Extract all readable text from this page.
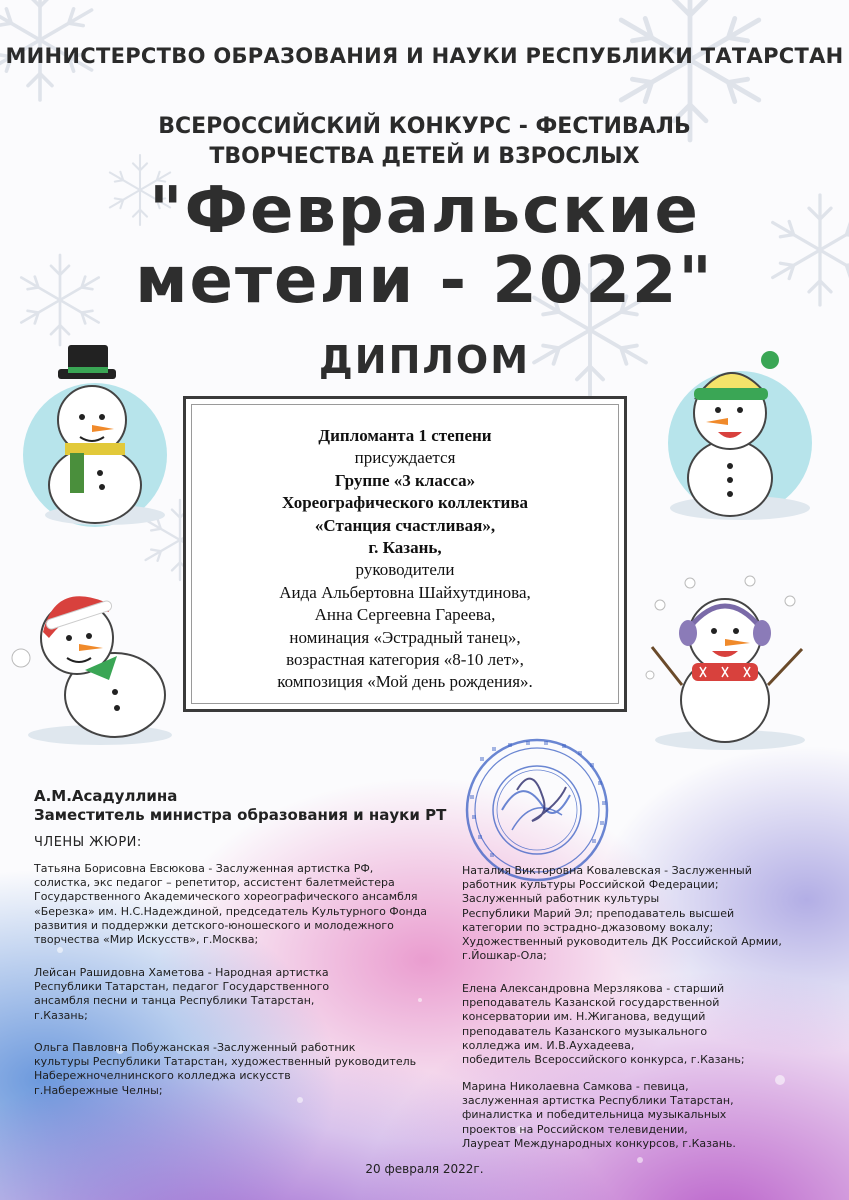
МИНИСТЕРСТВО ОБРАЗОВАНИЯ И НАУКИ РЕСПУБЛИКИ ТАТАРСТАН
ВСЕРОССИЙСКИЙ КОНКУРС - ФЕСТИВАЛЬ
ТВОРЧЕСТВА ДЕТЕЙ И ВЗРОСЛЫХ
"Февральские
метели - 2022"
ДИПЛОМ
Дипломанта 1 степени
присуждается
Группе «3 класса»
Хореографического коллектива
«Станция счастливая»,
г. Казань,
руководители
Аида Альбертовна Шайхутдинова,
Анна Сергеевна Гареева,
номинация «Эстрадный танец»,
возрастная категория «8-10 лет»,
композиция «Мой день рождения».
А.М.Асадуллина
Заместитель министра образования и науки РТ
ЧЛЕНЫ ЖЮРИ:
Татьяна Борисовна Евсюкова - Заслуженная артистка РФ,
солистка, экс педагог – репетитор, ассистент балетмейстера
Государственного Академического хореографического ансамбля
«Березка» им. Н.С.Надеждиной, председатель Культурного Фонда
развития и поддержки детского-юношеского и молодежного
творчества «Мир Искусств», г.Москва;
Лейсан Рашидовна Хаметова - Народная артистка
Республики Татарстан, педагог Государственного
ансамбля песни и танца Республики Татарстан,
г.Казань;
Ольга Павловна Побужанская -Заслуженный работник
культуры Республики Татарстан, художественный руководитель
Набережночелнинского колледжа искусств
г.Набережные Челны;
Наталия Викторовна Ковалевская - Заслуженный
работник культуры Российской Федерации;
Заслуженный работник культуры
Республики Марий Эл; преподаватель высшей
категории по эстрадно-джазовому вокалу;
Художественный руководитель ДК Российской Армии,
г.Йошкар-Ола;
Елена Александровна Мерзлякова - старший
преподаватель Казанской государственной
консерватории им. Н.Жиганова, ведущий
преподаватель Казанского музыкального
колледжа им. И.В.Аухадеева,
победитель Всероссийского конкурса, г.Казань;
Марина Николаевна Самкова - певица,
заслуженная артистка Республики Татарстан,
финалистка и победительница музыкальных
проектов на Российском телевидении,
Лауреат Международных конкурсов, г.Казань.
20 февраля 2022г.
